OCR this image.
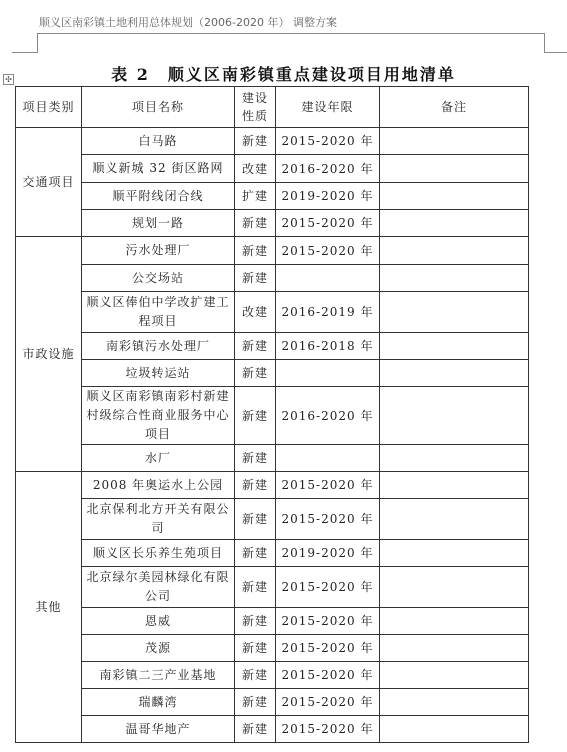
顺义区南彩镇土地利用总体规划（2006-2020 年） 调整方案
✣	表 2　顺义区南彩镇重点建设项目用地清单
项目类别	项目名称	建设性质	建设年限	备注
交通项目	白马路	新建	2015-2020 年	
	顺义新城 32 街区路网	改建	2016-2020 年	
	顺平附线闭合线	扩建	2019-2020 年	
	规划一路	新建	2015-2020 年	
市政设施	污水处理厂	新建	2015-2020 年	
	公交场站	新建		
	顺义区俸伯中学改扩建工程项目	改建	2016-2019 年	
	南彩镇污水处理厂	新建	2016-2018 年	
	垃圾转运站	新建		
	顺义区南彩镇南彩村新建村级综合性商业服务中心项目	新建	2016-2020 年	
	水厂	新建		
其他	2008 年奥运水上公园	新建	2015-2020 年	
	北京保利北方开关有限公司	新建	2015-2020 年	
	顺义区长乐养生苑项目	新建	2019-2020 年	
	北京绿尔美园林绿化有限公司	新建	2015-2020 年	
	恩威	新建	2015-2020 年	
	茂源	新建	2015-2020 年	
	南彩镇二三产业基地	新建	2015-2020 年	
	瑞麟湾	新建	2015-2020 年	
	温哥华地产	新建	2015-2020 年	
